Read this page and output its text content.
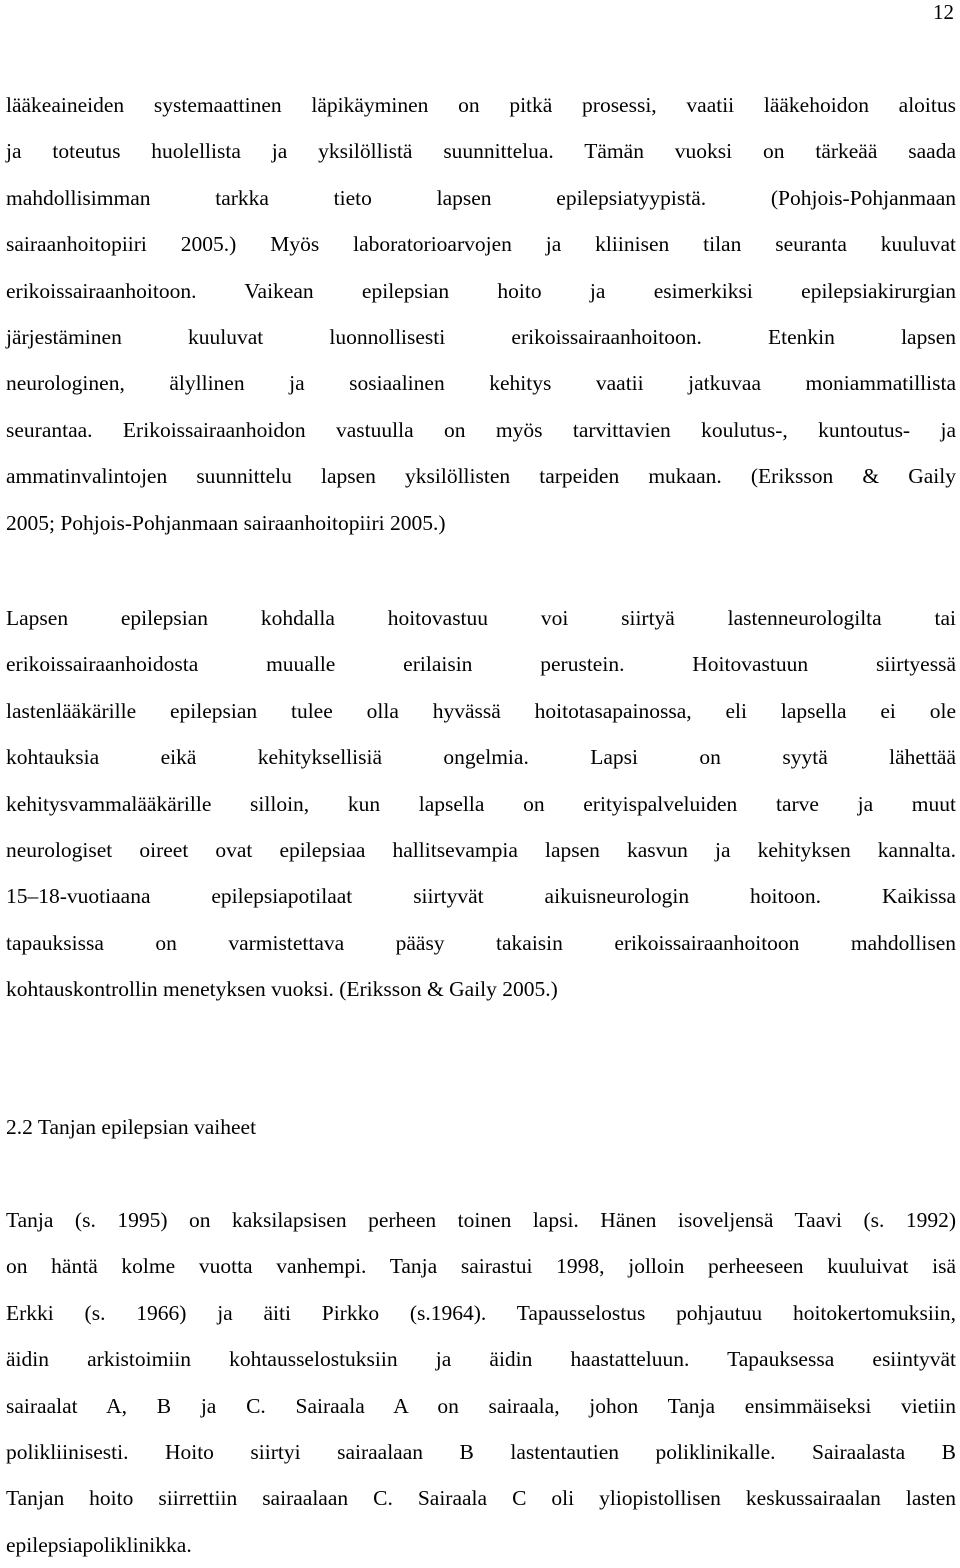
12
lääkeaineiden systemaattinen läpikäyminen on pitkä prosessi, vaatii lääkehoidon aloitus
ja toteutus huolellista ja yksilöllistä suunnittelua. Tämän vuoksi on tärkeää saada
mahdollisimman tarkka tieto lapsen epilepsiatyypistä. (Pohjois-Pohjanmaan
sairaanhoitopiiri 2005.) Myös laboratorioarvojen ja kliinisen tilan seuranta kuuluvat
erikoissairaanhoitoon. Vaikean epilepsian hoito ja esimerkiksi epilepsiakirurgian
järjestäminen kuuluvat luonnollisesti erikoissairaanhoitoon. Etenkin lapsen
neurologinen, älyllinen ja sosiaalinen kehitys vaatii jatkuvaa moniammatillista
seurantaa. Erikoissairaanhoidon vastuulla on myös tarvittavien koulutus-, kuntoutus- ja
ammatinvalintojen suunnittelu lapsen yksilöllisten tarpeiden mukaan. (Eriksson & Gaily
2005; Pohjois-Pohjanmaan sairaanhoitopiiri 2005.)
Lapsen epilepsian kohdalla hoitovastuu voi siirtyä lastenneurologilta tai
erikoissairaanhoidosta muualle erilaisin perustein. Hoitovastuun siirtyessä
lastenlääkärille epilepsian tulee olla hyvässä hoitotasapainossa, eli lapsella ei ole
kohtauksia eikä kehityksellisiä ongelmia. Lapsi on syytä lähettää
kehitysvammalääkärille silloin, kun lapsella on erityispalveluiden tarve ja muut
neurologiset oireet ovat epilepsiaa hallitsevampia lapsen kasvun ja kehityksen kannalta.
15–18-vuotiaana epilepsiapotilaat siirtyvät aikuisneurologin hoitoon. Kaikissa
tapauksissa on varmistettava pääsy takaisin erikoissairaanhoitoon mahdollisen
kohtauskontrollin menetyksen vuoksi. (Eriksson & Gaily 2005.)
2.2 Tanjan epilepsian vaiheet
Tanja (s. 1995) on kaksilapsisen perheen toinen lapsi. Hänen isoveljensä Taavi (s. 1992)
on häntä kolme vuotta vanhempi. Tanja sairastui 1998, jolloin perheeseen kuuluivat isä
Erkki (s. 1966) ja äiti Pirkko (s.1964). Tapausselostus pohjautuu hoitokertomuksiin,
äidin arkistoimiin kohtausselostuksiin ja äidin haastatteluun. Tapauksessa esiintyvät
sairaalat A, B ja C. Sairaala A on sairaala, johon Tanja ensimmäiseksi vietiin
polikliinisesti. Hoito siirtyi sairaalaan B lastentautien poliklinikalle. Sairaalasta B
Tanjan hoito siirrettiin sairaalaan C. Sairaala C oli yliopistollisen keskussairaalan lasten
epilepsiapoliklinikka.
